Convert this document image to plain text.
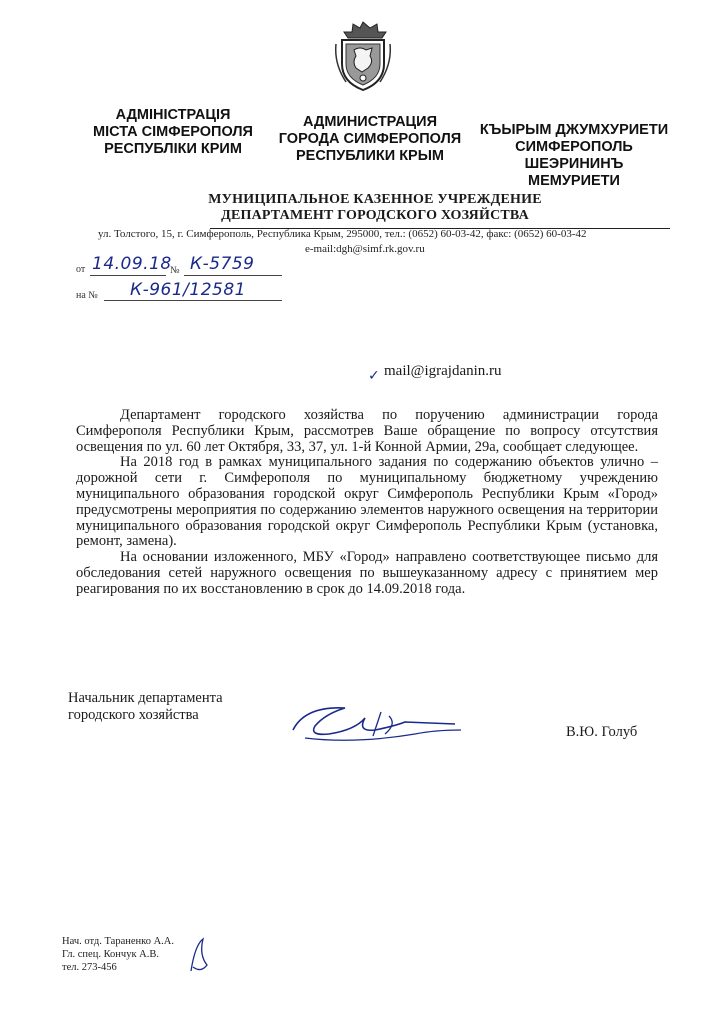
АДМІНІСТРАЦІЯ
МІСТА СІМФЕРОПОЛЯ
РЕСПУБЛІКИ КРИМ
АДМИНИСТРАЦИЯ
ГОРОДА СИМФЕРОПОЛЯ
РЕСПУБЛИКИ КРЫМ
КЪЫРЫМ ДЖУМХУРИЕТИ
СИМФЕРОПОЛЬ
ШЕЭРИНИНЪ
МЕМУРИЕТИ
МУНИЦИПАЛЬНОЕ КАЗЕННОЕ УЧРЕЖДЕНИЕ
ДЕПАРТАМЕНТ ГОРОДСКОГО ХОЗЯЙСТВА
ул. Толстого, 15, г. Симферополь, Республика Крым, 295000, тел.: (0652) 60-03-42, факс: (0652) 60-03-42
e-mail:dgh@simf.rk.gov.ru
от 14.09.18
№ К-5759
на № К-961/12581
✓ mail@igrajdanin.ru

Департамент городского хозяйства по поручению администрации города Симферополя Республики Крым, рассмотрев Ваше обращение по вопросу отсутствия освещения по ул. 60 лет Октября, 33, 37, ул. 1-й Конной Армии, 29а, сообщает следующее.

На 2018 год в рамках муниципального задания по содержанию объектов улично – дорожной сети г. Симферополя по муниципальному бюджетному учреждению муниципального образования городской округ Симферополь Республики Крым «Город» предусмотрены мероприятия по содержанию элементов наружного освещения на территории муниципального образования городской округ Симферополь Республики Крым (установка, ремонт, замена).

На основании изложенного, МБУ «Город» направлено соответствующее письмо для обследования сетей наружного освещения по вышеуказанному адресу с принятием мер реагирования по их восстановлению в срок до 14.09.2018 года.

Начальник департамента
городского хозяйства
В.Ю. Голуб
Нач. отд. Тараненко А.А.
Гл. спец. Кончук А.В.
тел. 273-456
